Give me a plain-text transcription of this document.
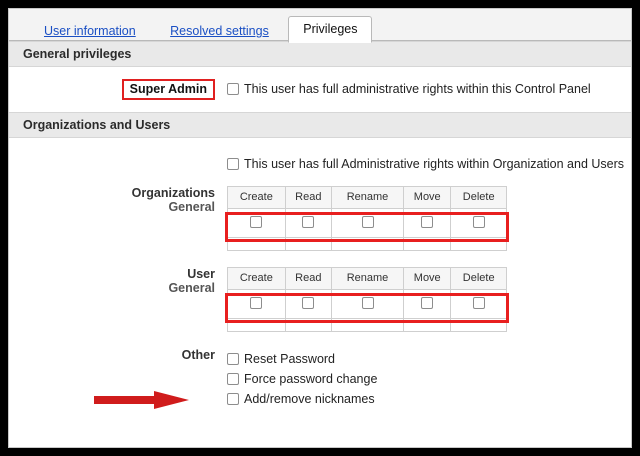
User information	Resolved settings	Privileges
General privileges
Super Admin	This user has full administrative rights within this Control Panel
Organizations and Users
This user has full Administrative rights within Organization and Users
Organizations
General
Create	Read	Rename	Move	Delete

User
General
Create	Read	Rename	Move	Delete

Other Reset Password
Force password change
Add/remove nicknames
